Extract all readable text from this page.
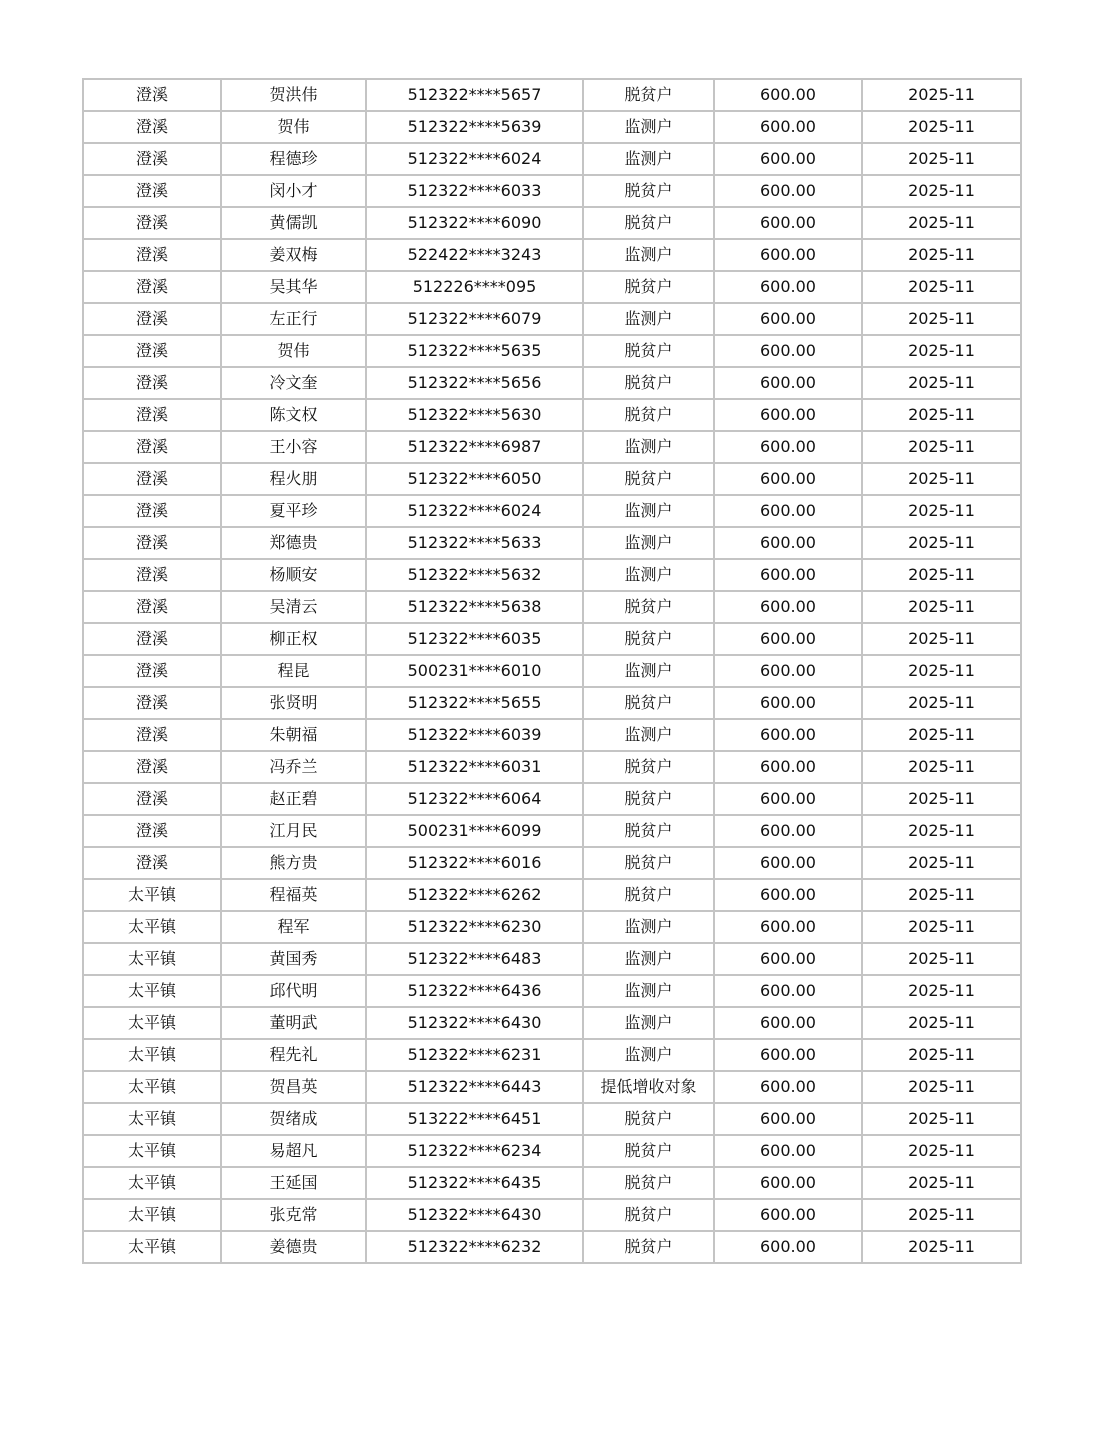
澄溪	贺洪伟	512322****5657	脱贫户	600.00	2025-11
澄溪	贺伟	512322****5639	监测户	600.00	2025-11
澄溪	程德珍	512322****6024	监测户	600.00	2025-11
澄溪	闵小才	512322****6033	脱贫户	600.00	2025-11
澄溪	黄儒凯	512322****6090	脱贫户	600.00	2025-11
澄溪	姜双梅	522422****3243	监测户	600.00	2025-11
澄溪	吴其华	512226****095	脱贫户	600.00	2025-11
澄溪	左正行	512322****6079	监测户	600.00	2025-11
澄溪	贺伟	512322****5635	脱贫户	600.00	2025-11
澄溪	冷文奎	512322****5656	脱贫户	600.00	2025-11
澄溪	陈文权	512322****5630	脱贫户	600.00	2025-11
澄溪	王小容	512322****6987	监测户	600.00	2025-11
澄溪	程火朋	512322****6050	脱贫户	600.00	2025-11
澄溪	夏平珍	512322****6024	监测户	600.00	2025-11
澄溪	郑德贵	512322****5633	监测户	600.00	2025-11
澄溪	杨顺安	512322****5632	监测户	600.00	2025-11
澄溪	吴清云	512322****5638	脱贫户	600.00	2025-11
澄溪	柳正权	512322****6035	脱贫户	600.00	2025-11
澄溪	程昆	500231****6010	监测户	600.00	2025-11
澄溪	张贤明	512322****5655	脱贫户	600.00	2025-11
澄溪	朱朝福	512322****6039	监测户	600.00	2025-11
澄溪	冯乔兰	512322****6031	脱贫户	600.00	2025-11
澄溪	赵正碧	512322****6064	脱贫户	600.00	2025-11
澄溪	江月民	500231****6099	脱贫户	600.00	2025-11
澄溪	熊方贵	512322****6016	脱贫户	600.00	2025-11
太平镇	程福英	512322****6262	脱贫户	600.00	2025-11
太平镇	程军	512322****6230	监测户	600.00	2025-11
太平镇	黄国秀	512322****6483	监测户	600.00	2025-11
太平镇	邱代明	512322****6436	监测户	600.00	2025-11
太平镇	董明武	512322****6430	监测户	600.00	2025-11
太平镇	程先礼	512322****6231	监测户	600.00	2025-11
太平镇	贺昌英	512322****6443	提低增收对象	600.00	2025-11
太平镇	贺绪成	513222****6451	脱贫户	600.00	2025-11
太平镇	易超凡	512322****6234	脱贫户	600.00	2025-11
太平镇	王延国	512322****6435	脱贫户	600.00	2025-11
太平镇	张克常	512322****6430	脱贫户	600.00	2025-11
太平镇	姜德贵	512322****6232	脱贫户	600.00	2025-11
